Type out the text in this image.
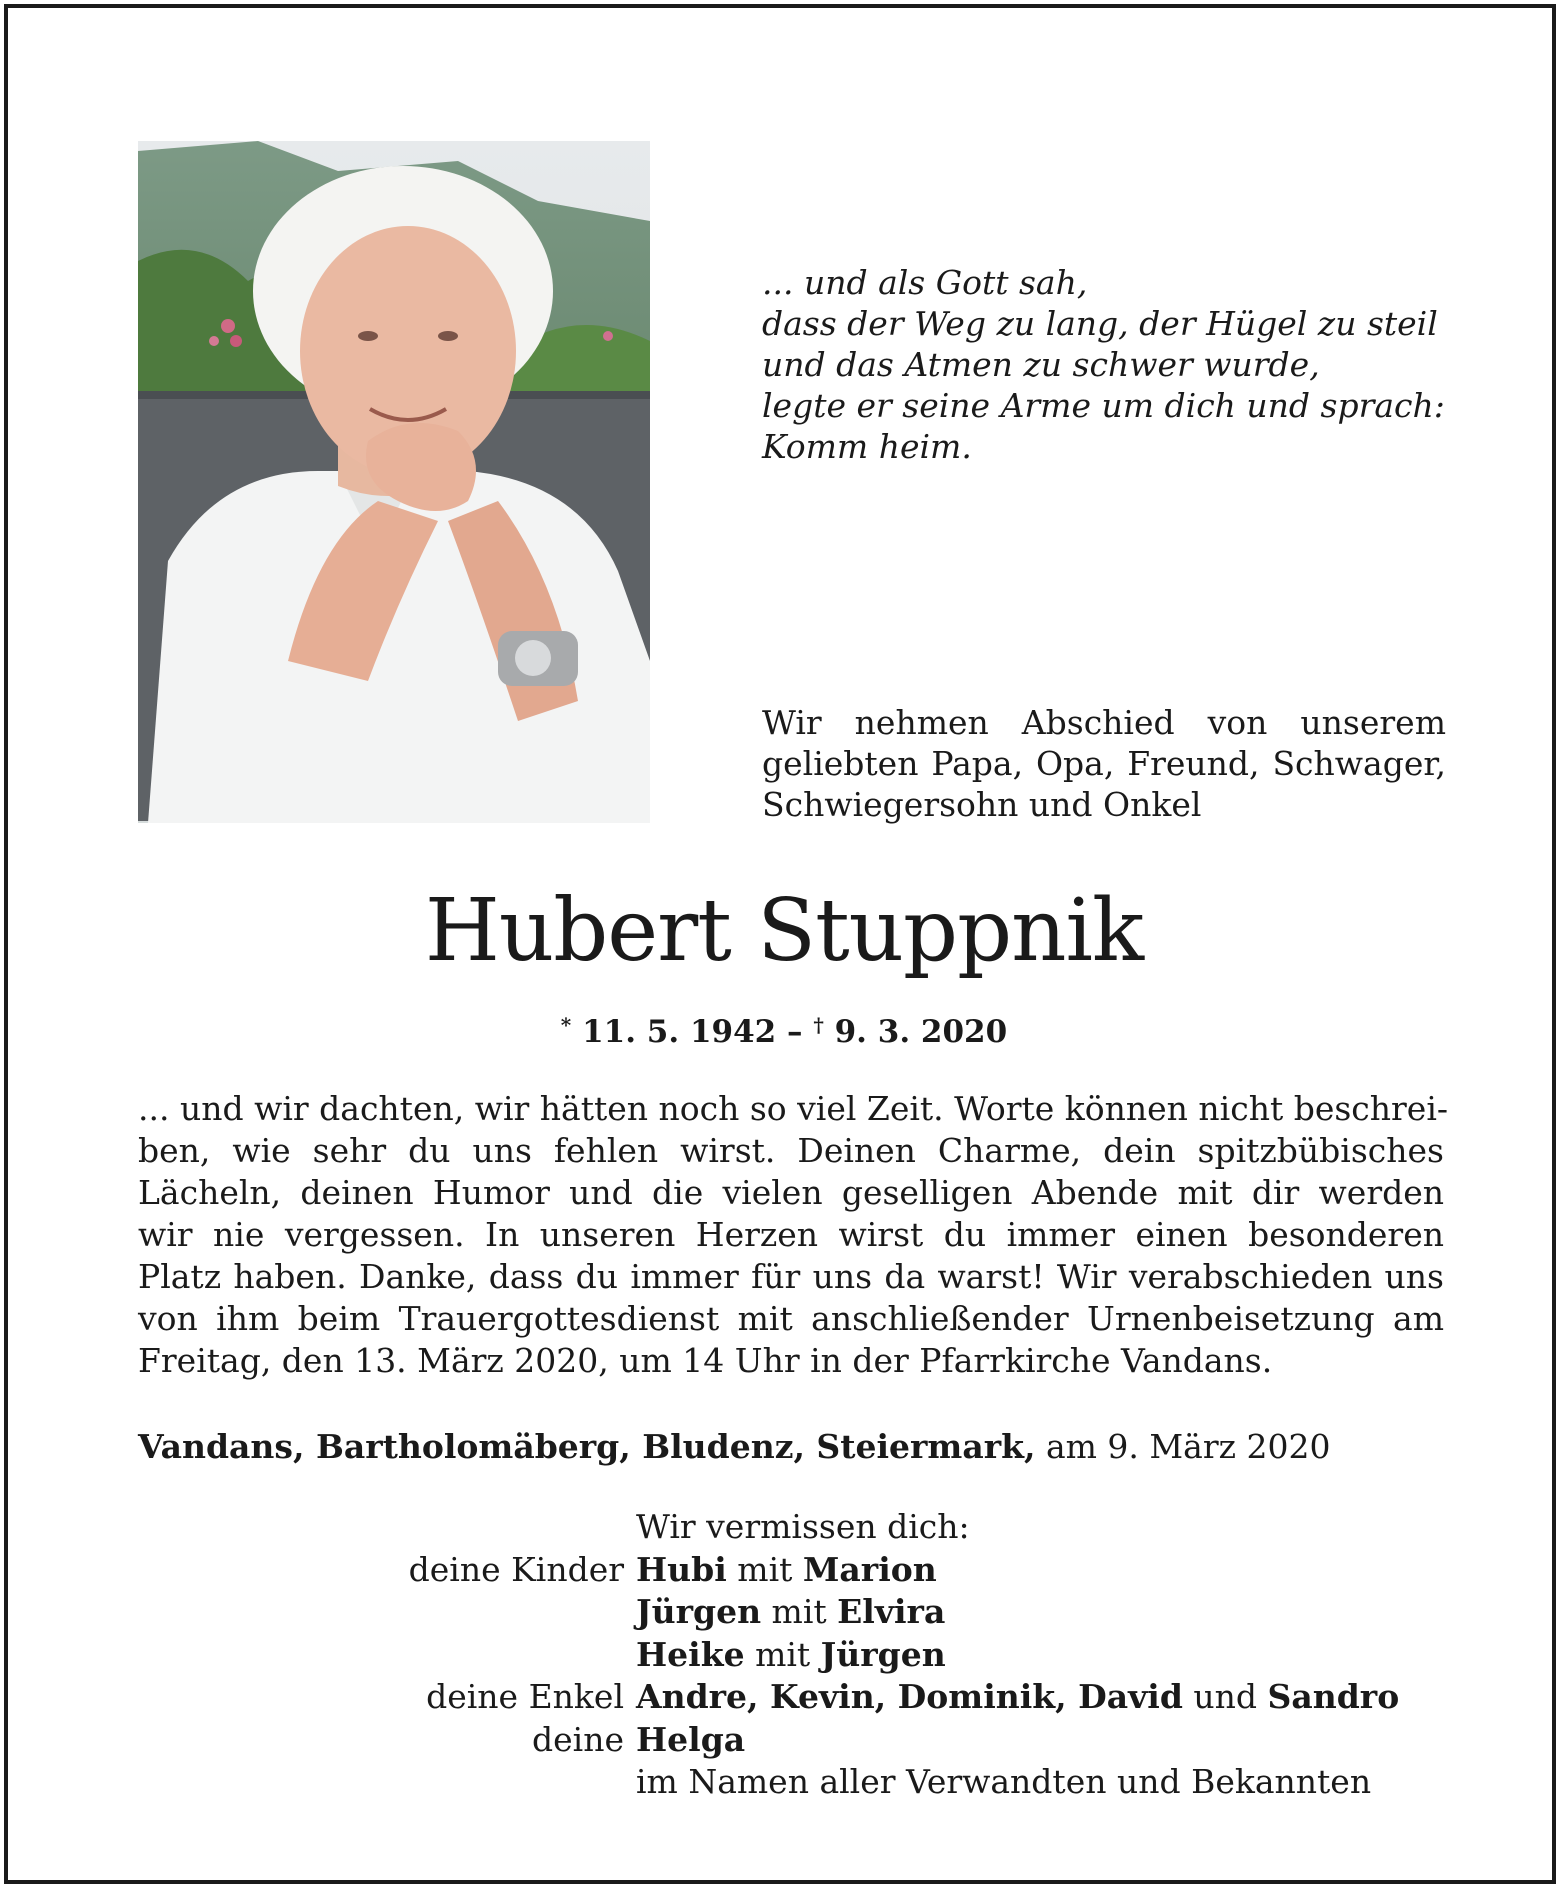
... und als Gott sah,
dass der Weg zu lang, der Hügel zu steil
und das Atmen zu schwer wurde,
legte er seine Arme um dich und sprach:
Komm heim.
Wir nehmen Abschied von unserem
geliebten Papa, Opa, Freund, Schwager,
Schwiegersohn und Onkel
Hubert Stuppnik
* 11. 5. 1942 – † 9. 3. 2020
... und wir dachten, wir hätten noch so viel Zeit. Worte können nicht beschrei-
ben, wie sehr du uns fehlen wirst. Deinen Charme, dein spitzbübisches
Lächeln, deinen Humor und die vielen geselligen Abende mit dir werden
wir nie vergessen. In unseren Herzen wirst du immer einen besonderen
Platz haben. Danke, dass du immer für uns da warst! Wir verabschieden uns
von ihm beim Trauergottesdienst mit anschließender Urnenbeisetzung am
Freitag, den 13. März 2020, um 14 Uhr in der Pfarrkirche Vandans.
Vandans, Bartholomäberg, Bludenz, Steiermark, am 9. März 2020
Wir vermissen dich:
deine Kinder Hubi mit Marion
Jürgen mit Elvira
Heike mit Jürgen
deine Enkel Andre, Kevin, Dominik, David und Sandro
deine Helga
im Namen aller Verwandten und Bekannten
